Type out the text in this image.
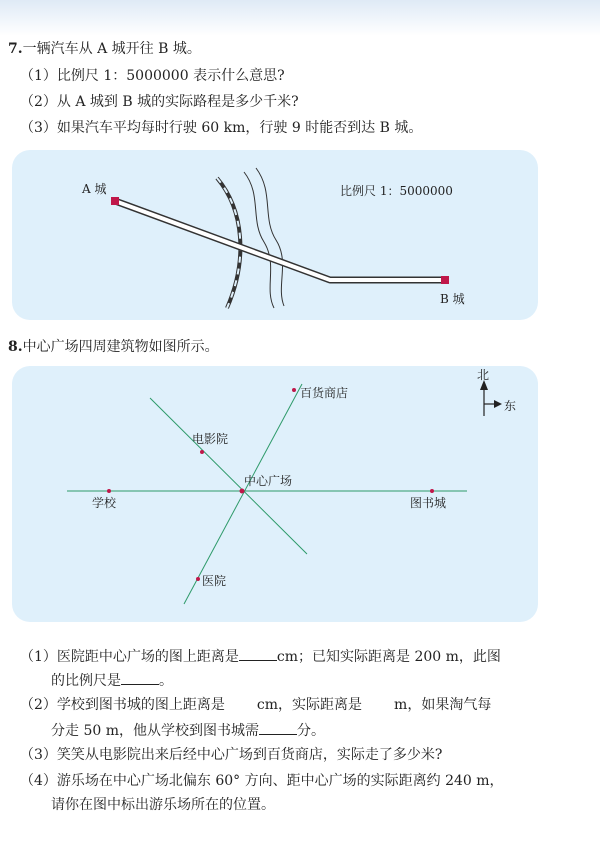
7.一辆汽车从 A 城开往 B 城。
（1）比例尺 1：5000000 表示什么意思?
（2）从 A 城到 B 城的实际路程是多少千米?
（3）如果汽车平均每时行驶 60 km，行驶 9 时能否到达 B 城。
A 城
B 城
比例尺 1：5000000
8.中心广场四周建筑物如图所示。
中心广场
学校	图书城
电影院
百货商店
医院
北
东
（1）医院距中心广场的图上距离是	cm；已知实际距离是 200 m，此图
的比例尺是	。
（2）学校到图书城的图上距离是 cm，实际距离是 m，如果淘气每
分走 50 m，他从学校到图书城需	分。
（3）笑笑从电影院出来后经中心广场到百货商店，实际走了多少米?
（4）游乐场在中心广场北偏东 60° 方向、距中心广场的实际距离约 240 m，
请你在图中标出游乐场所在的位置。
